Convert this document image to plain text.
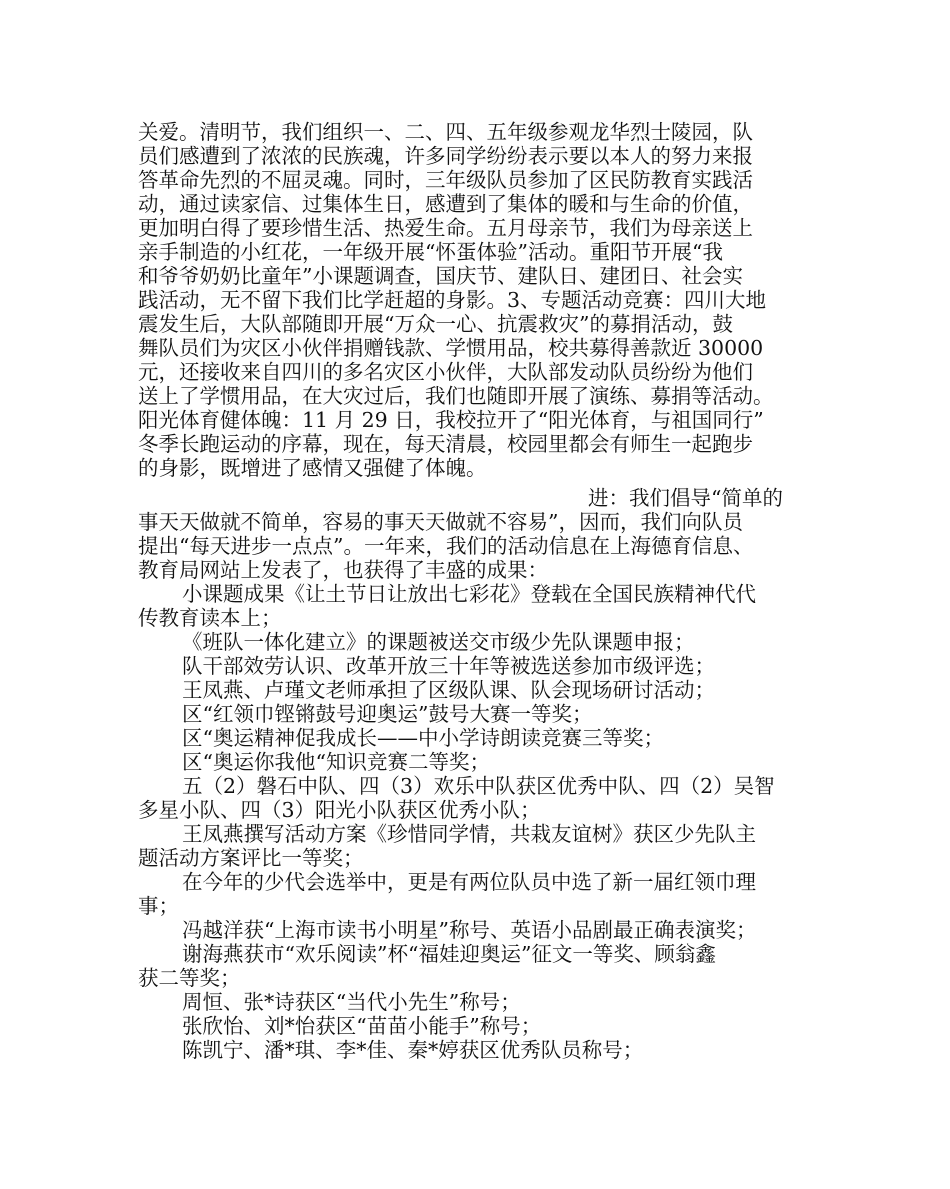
关爱。清明节，我们组织一、二、四、五年级参观龙华烈士陵园，队
员们感遭到了浓浓的民族魂，许多同学纷纷表示要以本人的努力来报
答革命先烈的不屈灵魂。同时，三年级队员参加了区民防教育实践活
动，通过读家信、过集体生日，感遭到了集体的暖和与生命的价值，
更加明白得了要珍惜生活、热爱生命。五月母亲节，我们为母亲送上
亲手制造的小红花，一年级开展“怀蛋体验”活动。重阳节开展“我
和爷爷奶奶比童年”小课题调查，国庆节、建队日、建团日、社会实
践活动，无不留下我们比学赶超的身影。3、专题活动竞赛：四川大地
震发生后，大队部随即开展“万众一心、抗震救灾”的募捐活动，鼓
舞队员们为灾区小伙伴捐赠钱款、学惯用品，校共募得善款近 30000
元，还接收来自四川的多名灾区小伙伴，大队部发动队员纷纷为他们
送上了学惯用品，在大灾过后，我们也随即开展了演练、募捐等活动。
阳光体育健体魄：11 月 29 日，我校拉开了“阳光体育，与祖国同行”
冬季长跑运动的序幕，现在，每天清晨，校园里都会有师生一起跑步
的身影，既增进了感情又强健了体魄。
进：我们倡导“简单的
事天天做就不简单，容易的事天天做就不容易”，因而，我们向队员
提出“每天进步一点点”。一年来，我们的活动信息在上海德育信息、
教育局网站上发表了，也获得了丰盛的成果：
小课题成果《让土节日让放出七彩花》登载在全国民族精神代代
传教育读本上；
《班队一体化建立》的课题被送交市级少先队课题申报；
队干部效劳认识、改革开放三十年等被选送参加市级评选；
王凤燕、卢瑾文老师承担了区级队课、队会现场研讨活动；
区“红领巾铿锵鼓号迎奥运”鼓号大赛一等奖；
区“奥运精神促我成长——中小学诗朗读竞赛三等奖；
区“奥运你我他“知识竞赛二等奖；
五（2）磐石中队、四（3）欢乐中队获区优秀中队、四（2）吴智
多星小队、四（3）阳光小队获区优秀小队；
王凤燕撰写活动方案《珍惜同学情，共栽友谊树》获区少先队主
题活动方案评比一等奖；
在今年的少代会选举中，更是有两位队员中选了新一届红领巾理
事；
冯越洋获“上海市读书小明星”称号、英语小品剧最正确表演奖；
谢海燕获市“欢乐阅读”杯“福娃迎奥运”征文一等奖、顾翁鑫
获二等奖；
周恒、张*诗获区“当代小先生”称号；
张欣怡、刘*怡获区“苗苗小能手”称号；
陈凯宁、潘*琪、李*佳、秦*婷获区优秀队员称号；
